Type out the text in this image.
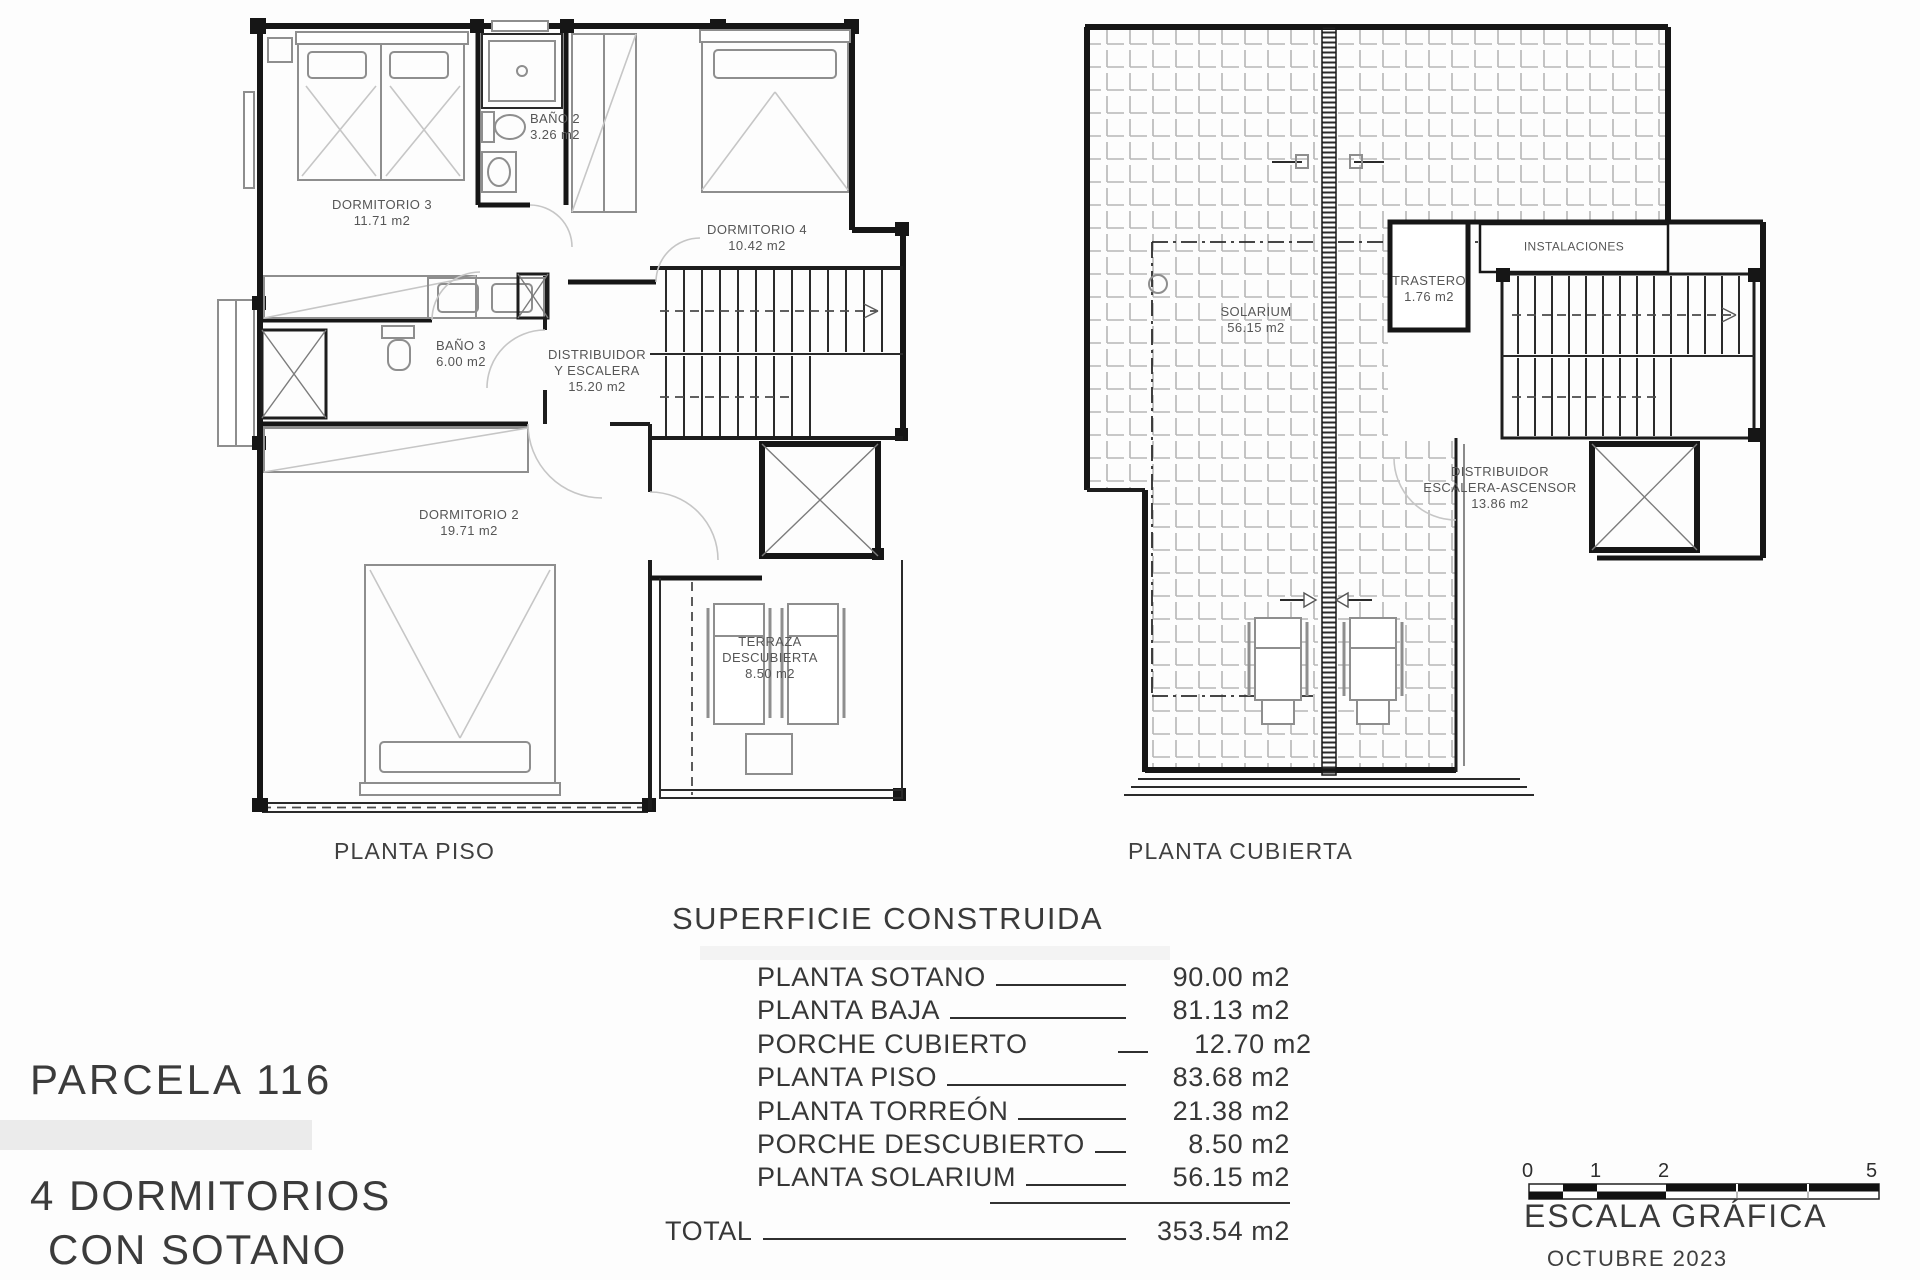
DORMITORIO 3
11.71 m2
BAÑO 2
3.26 m2
DORMITORIO 4
10.42 m2
BAÑO 3
6.00 m2	DISTRIBUIDOR
Y ESCALERA
15.20 m2
DORMITORIO 2
19.71 m2
TERRAZA
DESCUBIERTA
8.50 m2
SOLARIUM
56.15 m2
TRASTERO
1.76 m2
INSTALACIONES
DISTRIBUIDOR
ESCALERA-ASCENSOR
13.86 m2
PLANTA PISO	PLANTA CUBIERTA
SUPERFICIE CONSTRUIDA
PLANTA SOTANO	90.00 m2
PLANTA BAJA	81.13 m2
PORCHE CUBIERTO	12.70 m2
PLANTA PISO	83.68 m2
PLANTA TORREÓN	21.38 m2
PORCHE DESCUBIERTO	8.50 m2
PLANTA SOLARIUM	56.15 m2
TOTAL	353.54 m2
PARCELA 116
4 DORMITORIOS
CON SOTANO
0	1	2	5
ESCALA GRÁFICA
OCTUBRE 2023
